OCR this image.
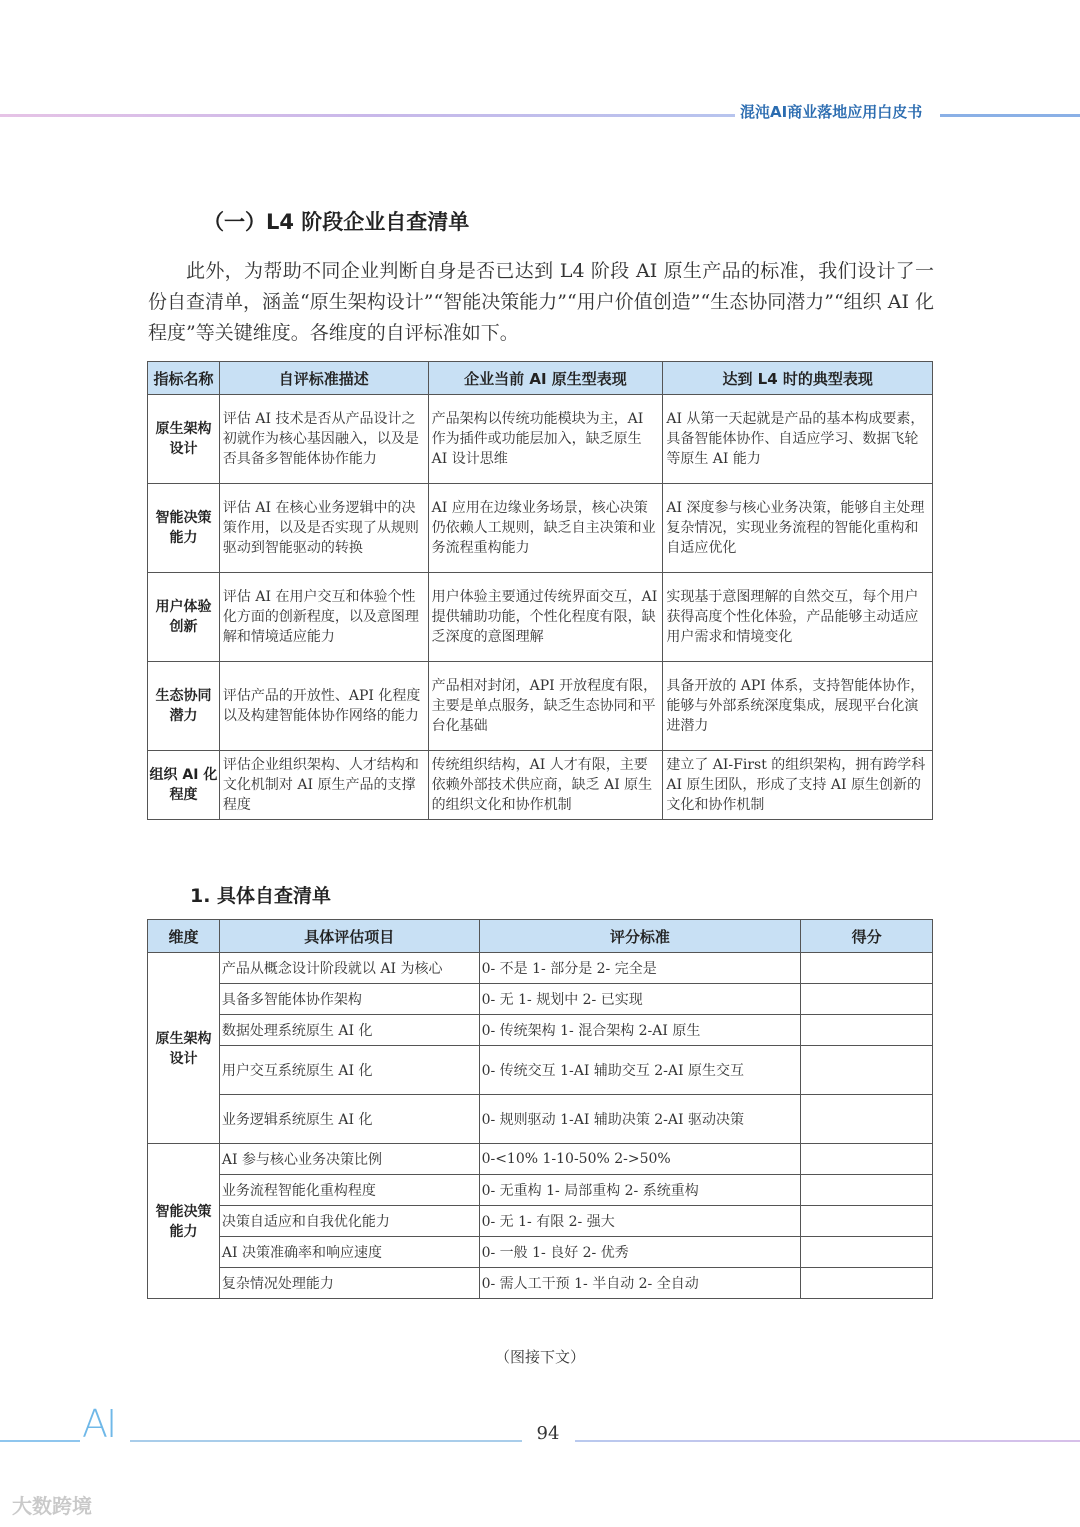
混沌AI商业落地应用白皮书
（一）L4 阶段企业自查清单

此外，为帮助不同企业判断自身是否已达到 L4 阶段 AI 原生产品的标准，我们设计了一份自查清单，涵盖“原生架构设计”“智能决策能力”“用户价值创造”“生态协同潜力”“组织 AI 化程度”等关键维度。各维度的自评标准如下。

指标名称	自评标准描述	企业当前 AI 原生型表现	达到 L4 时的典型表现
原生架构设计	评估 AI 技术是否从产品设计之初就作为核心基因融入，以及是否具备多智能体协作能力	产品架构以传统功能模块为主，AI 作为插件或功能层加入，缺乏原生 AI 设计思维	AI 从第一天起就是产品的基本构成要素，具备智能体协作、自适应学习、数据飞轮等原生 AI 能力
智能决策能力	评估 AI 在核心业务逻辑中的决策作用，以及是否实现了从规则驱动到智能驱动的转换	AI 应用在边缘业务场景，核心决策仍依赖人工规则，缺乏自主决策和业务流程重构能力	AI 深度参与核心业务决策，能够自主处理复杂情况，实现业务流程的智能化重构和自适应优化
用户体验创新	评估 AI 在用户交互和体验个性化方面的创新程度，以及意图理解和情境适应能力	用户体验主要通过传统界面交互，AI 提供辅助功能，个性化程度有限，缺乏深度的意图理解	实现基于意图理解的自然交互，每个用户获得高度个性化体验，产品能够主动适应用户需求和情境变化
生态协同潜力	评估产品的开放性、API 化程度以及构建智能体协作网络的能力	产品相对封闭，API 开放程度有限，主要是单点服务，缺乏生态协同和平台化基础	具备开放的 API 体系，支持智能体协作，能够与外部系统深度集成，展现平台化演进潜力
组织 AI 化程度	评估企业组织架构、人才结构和文化机制对 AI 原生产品的支撑程度	传统组织结构，AI 人才有限，主要依赖外部技术供应商，缺乏 AI 原生的组织文化和协作机制	建立了 AI-First 的组织架构，拥有跨学科 AI 原生团队，形成了支持 AI 原生创新的文化和协作机制
1. 具体自查清单
维度	具体评估项目	评分标准	得分
原生架构设计	产品从概念设计阶段就以 AI 为核心	0- 不是 1- 部分是 2- 完全是	
	具备多智能体协作架构	0- 无 1- 规划中 2- 已实现	
	数据处理系统原生 AI 化	0- 传统架构 1- 混合架构 2-AI 原生	
	用户交互系统原生 AI 化	0- 传统交互 1-AI 辅助交互 2-AI 原生交互	
	业务逻辑系统原生 AI 化	0- 规则驱动 1-AI 辅助决策 2-AI 驱动决策	
智能决策能力	AI 参与核心业务决策比例	0-<10% 1-10-50% 2->50%	
	业务流程智能化重构程度	0- 无重构 1- 局部重构 2- 系统重构	
	决策自适应和自我优化能力	0- 无 1- 有限 2- 强大	
	AI 决策准确率和响应速度	0- 一般 1- 良好 2- 优秀	
	复杂情况处理能力	0- 需人工干预 1- 半自动 2- 全自动	
（图接下文）
AI	94
大数跨境
